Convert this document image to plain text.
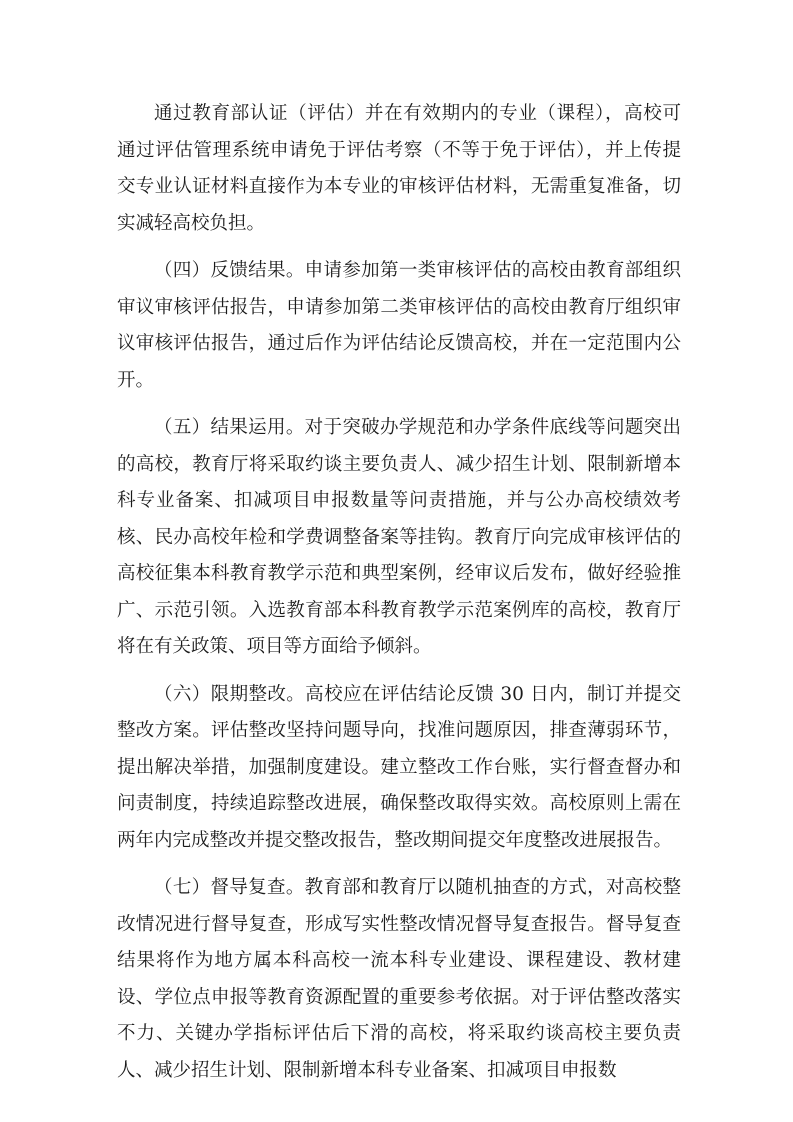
通过教育部认证（评估）并在有效期内的专业（课程），高校可通过评估管理系统申请免于评估考察（不等于免于评估），并上传提交专业认证材料直接作为本专业的审核评估材料，无需重复准备，切实减轻高校负担。

（四）反馈结果。申请参加第一类审核评估的高校由教育部组织审议审核评估报告，申请参加第二类审核评估的高校由教育厅组织审议审核评估报告，通过后作为评估结论反馈高校，并在一定范围内公开。

（五）结果运用。对于突破办学规范和办学条件底线等问题突出的高校，教育厅将采取约谈主要负责人、减少招生计划、限制新增本科专业备案、扣减项目申报数量等问责措施，并与公办高校绩效考核、民办高校年检和学费调整备案等挂钩。教育厅向完成审核评估的高校征集本科教育教学示范和典型案例，经审议后发布，做好经验推广、示范引领。入选教育部本科教育教学示范案例库的高校，教育厅将在有关政策、项目等方面给予倾斜。

（六）限期整改。高校应在评估结论反馈 30 日内，制订并提交整改方案。评估整改坚持问题导向，找准问题原因，排查薄弱环节，提出解决举措，加强制度建设。建立整改工作台账，实行督查督办和问责制度，持续追踪整改进展，确保整改取得实效。高校原则上需在两年内完成整改并提交整改报告，整改期间提交年度整改进展报告。

（七）督导复查。教育部和教育厅以随机抽查的方式，对高校整改情况进行督导复查，形成写实性整改情况督导复查报告。督导复查结果将作为地方属本科高校一流本科专业建设、课程建设、教材建设、学位点申报等教育资源配置的重要参考依据。对于评估整改落实不力、关键办学指标评估后下滑的高校，将采取约谈高校主要负责人、减少招生计划、限制新增本科专业备案、扣减项目申报数
